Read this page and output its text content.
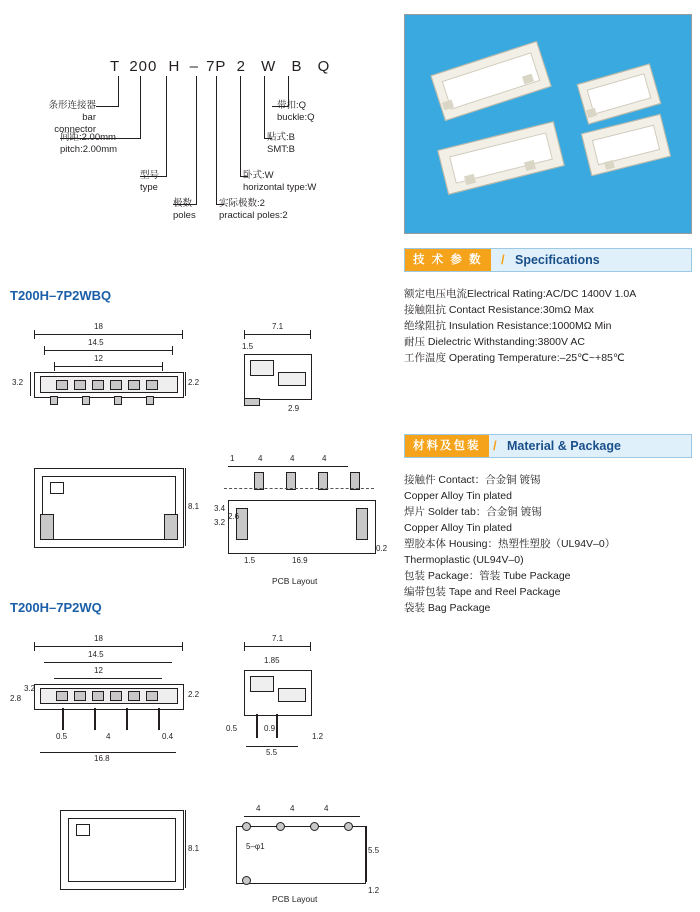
T 200 H – 7P 2 W B Q
条形连接器
bar connector
间距:2.00mm
pitch:2.00mm
型号
type
极数
poles
实际极数:2
practical poles:2
卧式:W
horizontal type:W
贴式:B
SMT:B
带扣:Q
buckle:Q
技 术 参 数	/ Specifications
额定电压电流Electrical Rating:AC/DC 1400V 1.0A
接触阻抗 Contact Resistance:30mΩ Max
绝缘阻抗 Insulation Resistance:1000MΩ Min
耐压 Dielectric Withstanding:3800V AC
工作温度 Operating Temperature:–25℃~+85℃
材料及包装 / Material & Package
接触件 Contact：合金铜 镀锡
Copper Alloy Tin plated
焊片 Solder tab：合金铜 镀锡
Copper Alloy Tin plated
塑胶本体 Housing：热塑性塑胶（UL94V–0）
Thermoplastic (UL94V–0)
包装 Package：管装 Tube Package
编带包装 Tape and Reel Package
袋装 Bag Package
T200H–7P2WBQ
18
14.5
12
3.2	2.2
7.1
1.5
2.9
8.1
1	4	4	4
3.4
3.2
2.6
1.5	16.9
0.2
PCB Layout
T200H–7P2WQ
18
14.5
12
2.8
3.2
2.2
0.5	4	0.4
16.8
7.1
1.85
0.5	0.9
1.2
5.5
8.1
4	4	4
5–φ1	5.5
1.2
PCB Layout
